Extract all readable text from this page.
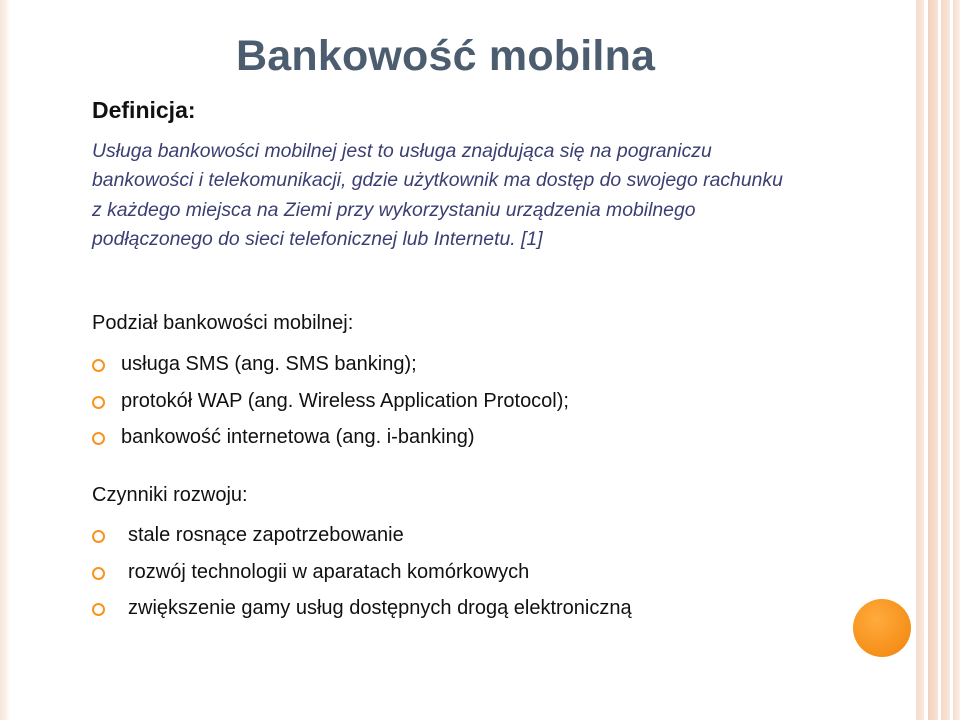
Bankowość mobilna
Definicja:

Usługa bankowości mobilnej jest to usługa znajdująca się na pograniczu bankowości i telekomunikacji, gdzie użytkownik ma dostęp do swojego rachunku z każdego miejsca na Ziemi przy wykorzystaniu urządzenia mobilnego podłączonego do sieci telefonicznej lub Internetu. [1]

Podział bankowości mobilnej:
usługa SMS (ang. SMS banking);
protokół WAP (ang. Wireless Application Protocol);
bankowość internetowa (ang. i-banking)
Czynniki rozwoju:
stale rosnące zapotrzebowanie
rozwój technologii w aparatach komórkowych
zwiększenie gamy usług dostępnych drogą elektroniczną
